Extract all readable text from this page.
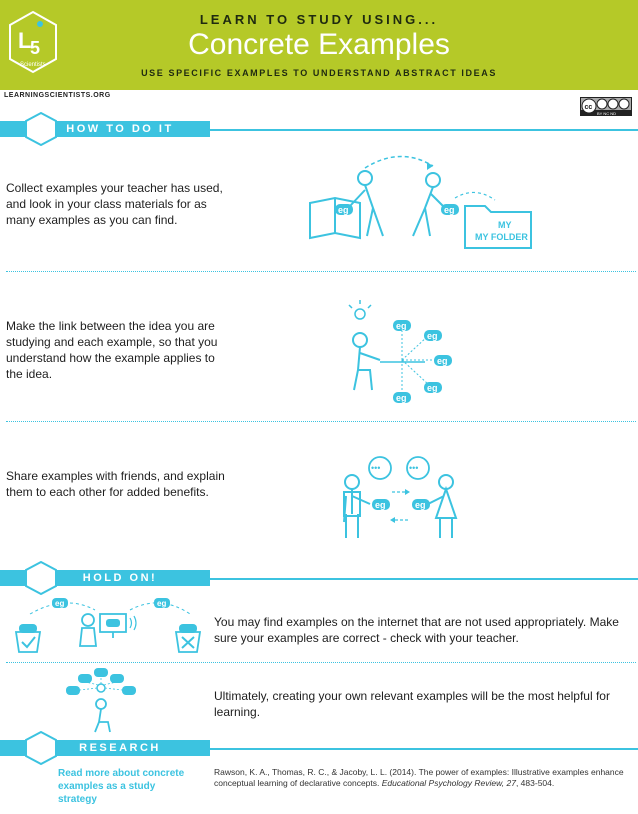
L
5
Scientists
LEARN TO STUDY USING...
Concrete Examples
USE SPECIFIC EXAMPLES TO UNDERSTAND ABSTRACT IDEAS
LEARNINGSCIENTISTS.ORG
cc
BY NC ND
HOW TO DO IT
Collect examples your teacher has used, and look in your class materials for as many examples as you can find.
eg	eg
MY
MY FOLDER
Make the link between the idea you are studying and each example, so that you understand how the example applies to the idea.
eg
eg
eg
eg
eg
Share examples with friends, and explain them to each other for added benefits.
•••	•••
eg	eg
HOLD ON!
eg	eg
You may find examples on the internet that are not used appropriately. Make sure your examples are correct - check with your teacher.
Ultimately, creating your own relevant examples will be the most helpful for learning.
RESEARCH
Read more about concrete examples as a study strategy
Rawson, K. A., Thomas, R. C., & Jacoby, L. L. (2014). The power of examples: Illustrative examples enhance conceptual learning of declarative concepts. Educational Psychology Review, 27, 483-504.
